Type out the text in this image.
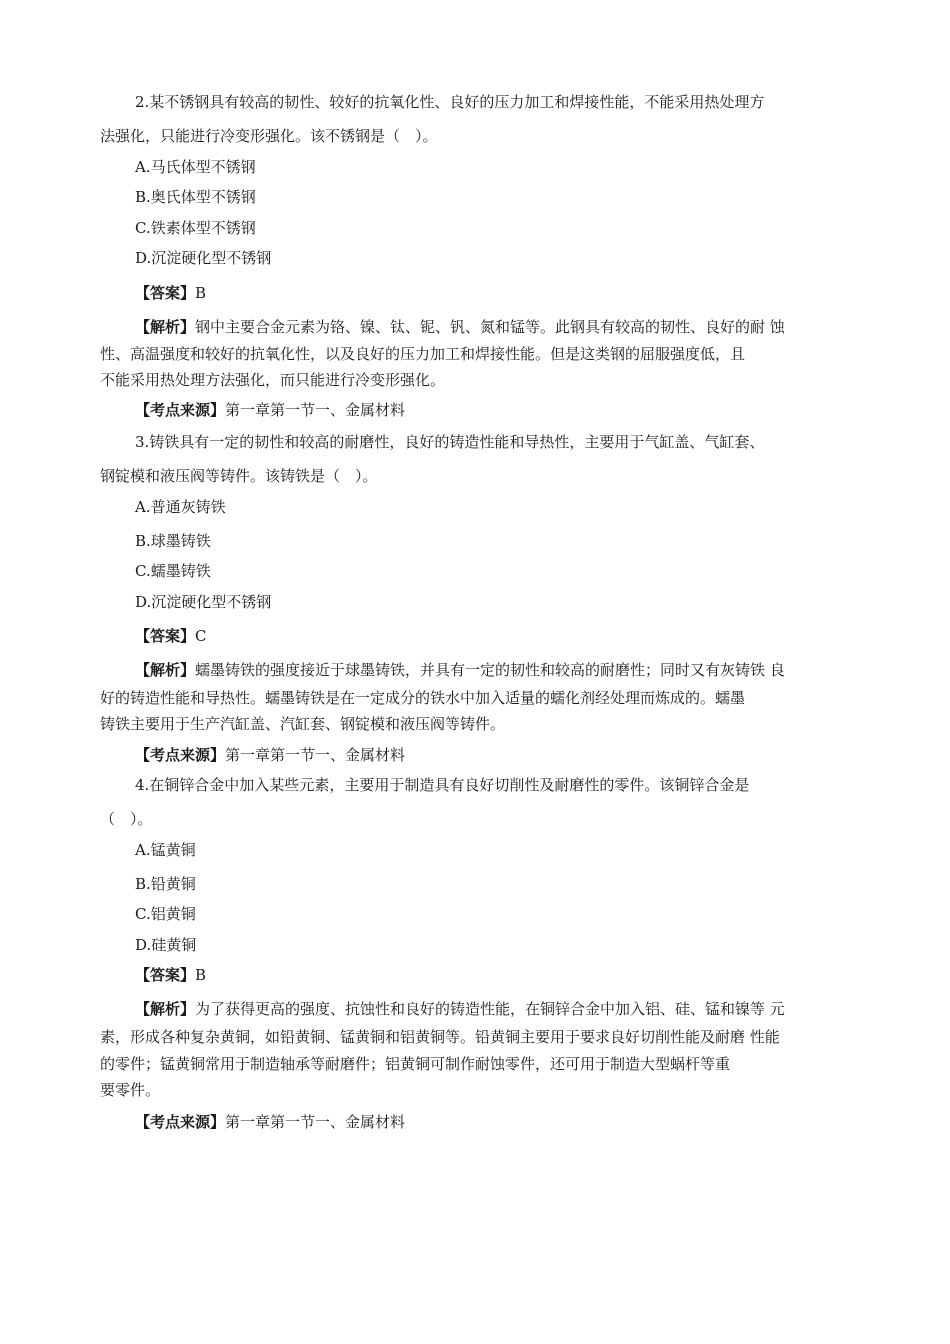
2.某不锈钢具有较高的韧性、较好的抗氧化性、良好的压力加工和焊接性能，不能采用热处理方
法强化，只能进行冷变形强化。该不锈钢是（　）。
A.马氏体型不锈钢
B.奥氏体型不锈钢
C.铁素体型不锈钢
D.沉淀硬化型不锈钢
【答案】B
【解析】钢中主要合金元素为铬、镍、钛、铌、钒、氮和锰等。此钢具有较高的韧性、良好的耐 蚀
性、高温强度和较好的抗氧化性，以及良好的压力加工和焊接性能。但是这类钢的屈服强度低，且
不能采用热处理方法强化，而只能进行冷变形强化。
【考点来源】第一章第一节一、金属材料
3.铸铁具有一定的韧性和较高的耐磨性，良好的铸造性能和导热性，主要用于气缸盖、气缸套、
钢锭模和液压阀等铸件。该铸铁是（　）。
A.普通灰铸铁
B.球墨铸铁
C.蠕墨铸铁
D.沉淀硬化型不锈钢
【答案】C
【解析】蠕墨铸铁的强度接近于球墨铸铁，并具有一定的韧性和较高的耐磨性；同时又有灰铸铁 良
好的铸造性能和导热性。蠕墨铸铁是在一定成分的铁水中加入适量的蠕化剂经处理而炼成的。蠕墨
铸铁主要用于生产汽缸盖、汽缸套、钢锭模和液压阀等铸件。
【考点来源】第一章第一节一、金属材料
4.在铜锌合金中加入某些元素，主要用于制造具有良好切削性及耐磨性的零件。该铜锌合金是
（　）。
A.锰黄铜
B.铅黄铜
C.铝黄铜
D.硅黄铜
【答案】B
【解析】为了获得更高的强度、抗蚀性和良好的铸造性能，在铜锌合金中加入铝、硅、锰和镍等 元
素，形成各种复杂黄铜，如铅黄铜、锰黄铜和铝黄铜等。铅黄铜主要用于要求良好切削性能及耐磨 性能
的零件；锰黄铜常用于制造轴承等耐磨件；铝黄铜可制作耐蚀零件，还可用于制造大型蜗杆等重
要零件。
【考点来源】第一章第一节一、金属材料
